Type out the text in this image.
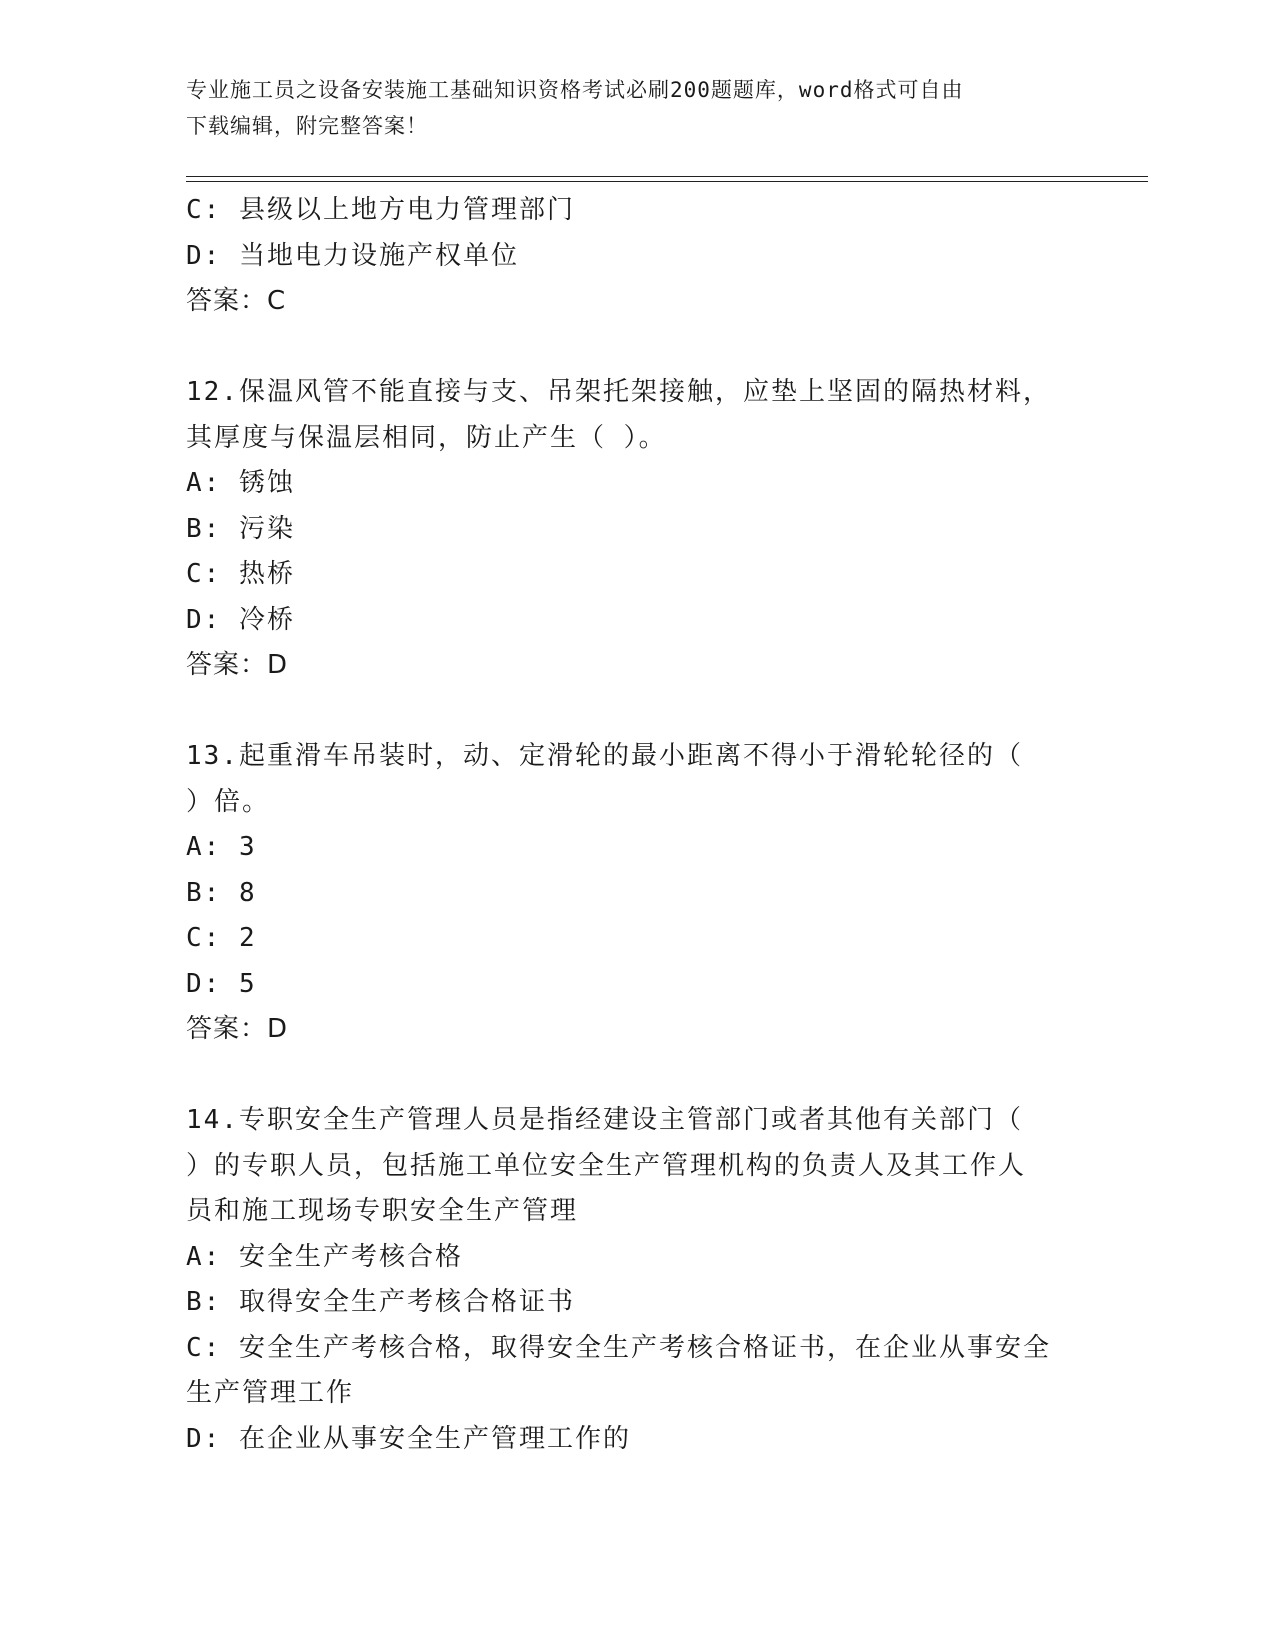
专业施工员之设备安装施工基础知识资格考试必刷200题题库，word格式可自由
下载编辑，附完整答案！
C: 县级以上地方电力管理部门
D: 当地电力设施产权单位
答案：C
12.保温风管不能直接与支、吊架托架接触，应垫上坚固的隔热材料，
其厚度与保温层相同，防止产生（ ）。
A: 锈蚀
B: 污染
C: 热桥
D: 冷桥
答案：D
13.起重滑车吊装时，动、定滑轮的最小距离不得小于滑轮轮径的（
）倍。
A: 3
B: 8
C: 2
D: 5
答案：D
14.专职安全生产管理人员是指经建设主管部门或者其他有关部门（
）的专职人员，包括施工单位安全生产管理机构的负责人及其工作人
员和施工现场专职安全生产管理
A: 安全生产考核合格
B: 取得安全生产考核合格证书
C: 安全生产考核合格，取得安全生产考核合格证书，在企业从事安全
生产管理工作
D: 在企业从事安全生产管理工作的
